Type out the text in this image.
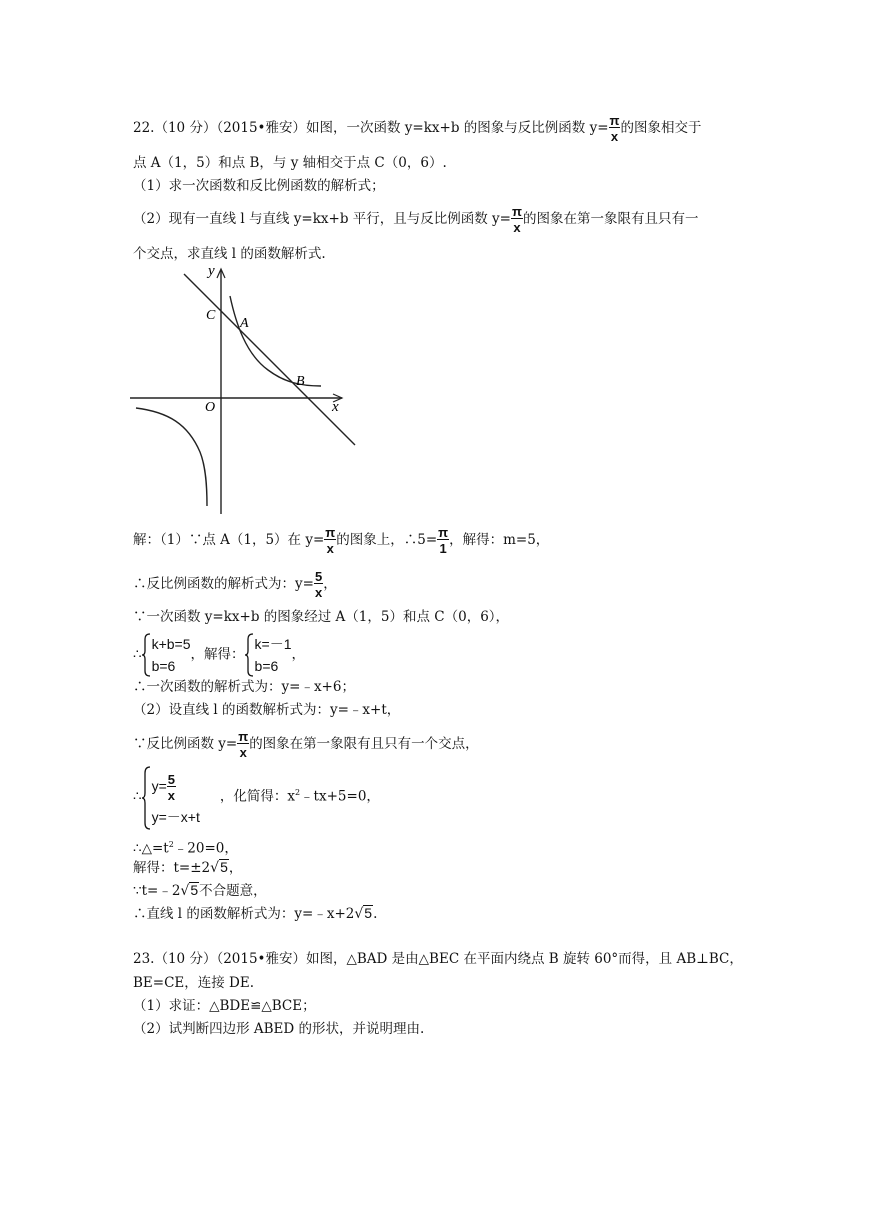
22.（10 分）（2015•雅安）如图，一次函数 y=kx+b 的图象与反比例函数 $y= \frac{\pi}{x}$ 的图象相交于
点 A（1，5）和点 B，与 y 轴相交于点 C（0，6）.
（1）求一次函数和反比例函数的解析式；
（2）现有一直线 l 与直线 y=kx+b 平行，且与反比例函数 $y= \frac{\pi}{x}$ 的图象在第一象限有且只有一
个交点，求直线 l 的函数解析式.
y
x
O
C
A
B
解：（1）∵点 A（1，5）在 $y= \frac{\pi}{x}$ 的图象上，∴5= $\frac{\pi}{1}$ ，解得：m=5，
∴反比例函数的解析式为：$y= \frac{5}{x}$ ，
∵一次函数 y=kx+b 的图象经过 A（1，5）和点 C（0，6），
∴
k+b=5
b=6
，解得：
k=－1
b=6
，
∴一次函数的解析式为：y=﹣x+6；
（2）设直线 l 的函数解析式为：y=﹣x+t，
∵反比例函数 $y= \frac{\pi}{x}$ 的图象在第一象限有且只有一个交点，
∴
$y= \frac{5}{x}$
y=－x+t
，化简得：$x^2﹣tx+5=0$，
$\therefore\triangle=t^2﹣20=0$，
解得：t=±2√5，
∵t=﹣2√5不合题意，
∴直线 l 的函数解析式为：y=﹣x+2√5.
23.（10 分）（2015•雅安）如图，△BAD 是由△BEC 在平面内绕点 B 旋转 60°而得，且 AB⊥BC，
BE=CE，连接 DE.
（1）求证：△BDE≌△BCE；
（2）试判断四边形 ABED 的形状，并说明理由.
